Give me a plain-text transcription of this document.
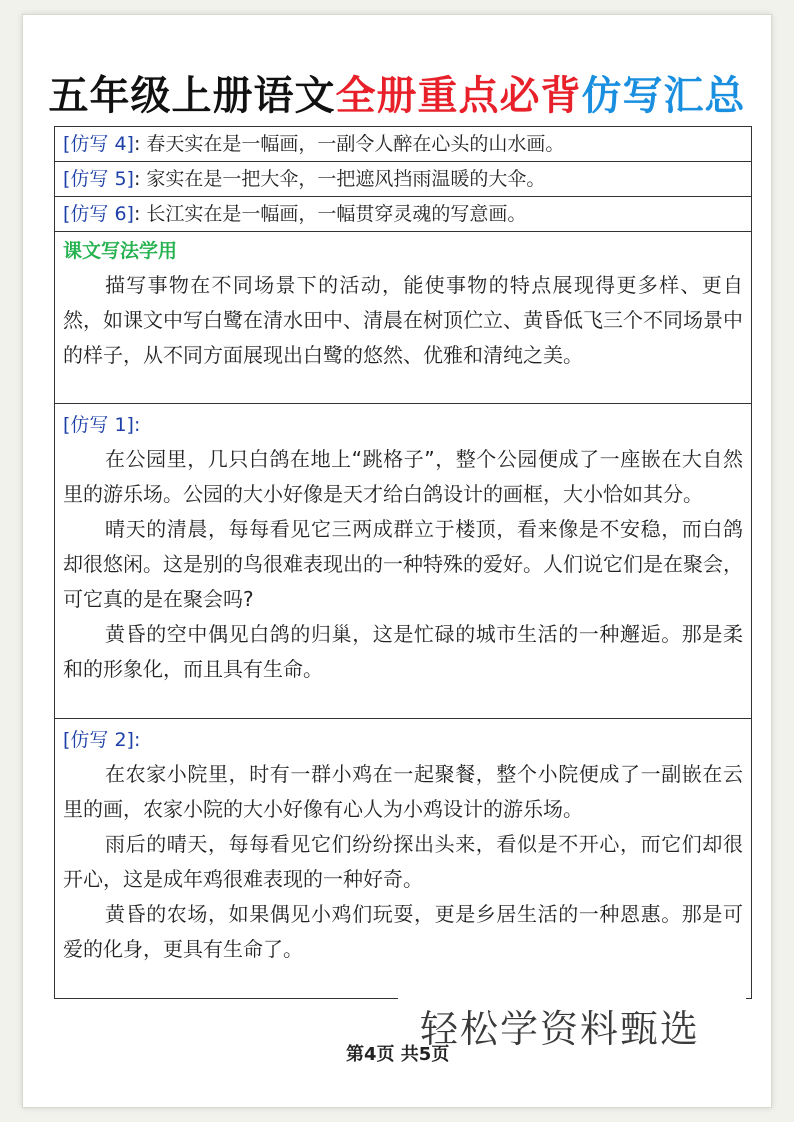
五年级上册语文全册重点必背仿写汇总
[仿写 4]: 春天实在是一幅画，一副令人醉在心头的山水画。
[仿写 5]: 家实在是一把大伞，一把遮风挡雨温暖的大伞。
[仿写 6]: 长江实在是一幅画，一幅贯穿灵魂的写意画。
课文写法学用

描写事物在不同场景下的活动，能使事物的特点展现得更多样、更自然，如课文中写白鹭在清水田中、清晨在树顶伫立、黄昏低飞三个不同场景中的样子，从不同方面展现出白鹭的悠然、优雅和清纯之美。

[仿写 1]:

在公园里，几只白鸽在地上“跳格子”，整个公园便成了一座嵌在大自然里的游乐场。公园的大小好像是天才给白鸽设计的画框，大小恰如其分。

晴天的清晨，每每看见它三两成群立于楼顶，看来像是不安稳，而白鸽却很悠闲。这是别的鸟很难表现出的一种特殊的爱好。人们说它们是在聚会，可它真的是在聚会吗?

黄昏的空中偶见白鸽的归巢，这是忙碌的城市生活的一种邂逅。那是柔和的形象化，而且具有生命。

[仿写 2]:

在农家小院里，时有一群小鸡在一起聚餐，整个小院便成了一副嵌在云里的画，农家小院的大小好像有心人为小鸡设计的游乐场。

雨后的晴天，每每看见它们纷纷探出头来，看似是不开心，而它们却很开心，这是成年鸡很难表现的一种好奇。

黄昏的农场，如果偶见小鸡们玩耍，更是乡居生活的一种恩惠。那是可爱的化身，更具有生命了。

轻松学资料甄选
第4页 共5页
